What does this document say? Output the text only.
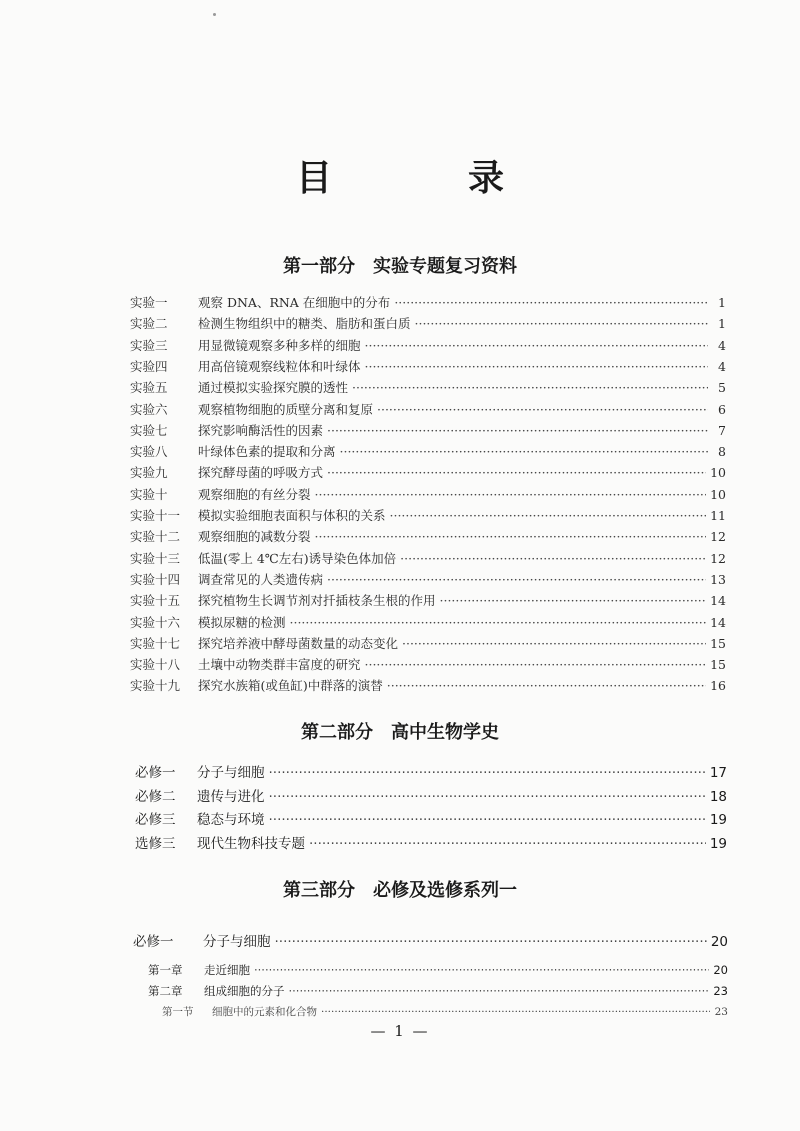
目　录
第一部分　实验专题复习资料
实验一	观察 DNA、RNA 在细胞中的分布 ·····	1
实验二	检测生物组织中的糖类、脂肪和蛋白质 ·····	1
实验三	用显微镜观察多种多样的细胞 ·····	4
实验四	用高倍镜观察线粒体和叶绿体 ·····	4
实验五	通过模拟实验探究膜的透性 ·····	5
实验六	观察植物细胞的质壁分离和复原 ·····	6
实验七	探究影响酶活性的因素 ·····	7
实验八	叶绿体色素的提取和分离 ·····	8
实验九	探究酵母菌的呼吸方式 ·····	10
实验十	观察细胞的有丝分裂 ·····	10
实验十一	模拟实验细胞表面积与体积的关系 ·····	11
实验十二	观察细胞的减数分裂 ·····	12
实验十三	低温(零上 4℃左右)诱导染色体加倍 ·····	12
实验十四	调查常见的人类遗传病 ·····	13
实验十五	探究植物生长调节剂对扦插枝条生根的作用 ·····	14
实验十六	模拟尿糖的检测 ·····	14
实验十七	探究培养液中酵母菌数量的动态变化 ·····	15
实验十八	土壤中动物类群丰富度的研究 ·····	15
实验十九	探究水族箱(或鱼缸)中群落的演替 ·····	16
第二部分　高中生物学史
必修一	分子与细胞 ·····	17
必修二	遗传与进化 ·····	18
必修三	稳态与环境 ·····	19
选修三	现代生物科技专题 ·····	19
第三部分　必修及选修系列一
必修一	分子与细胞 ·····	20
第一章	走近细胞 ·····	20
第二章	组成细胞的分子 ·····	23
第一节	细胞中的元素和化合物 ·····	23
— 1 —
